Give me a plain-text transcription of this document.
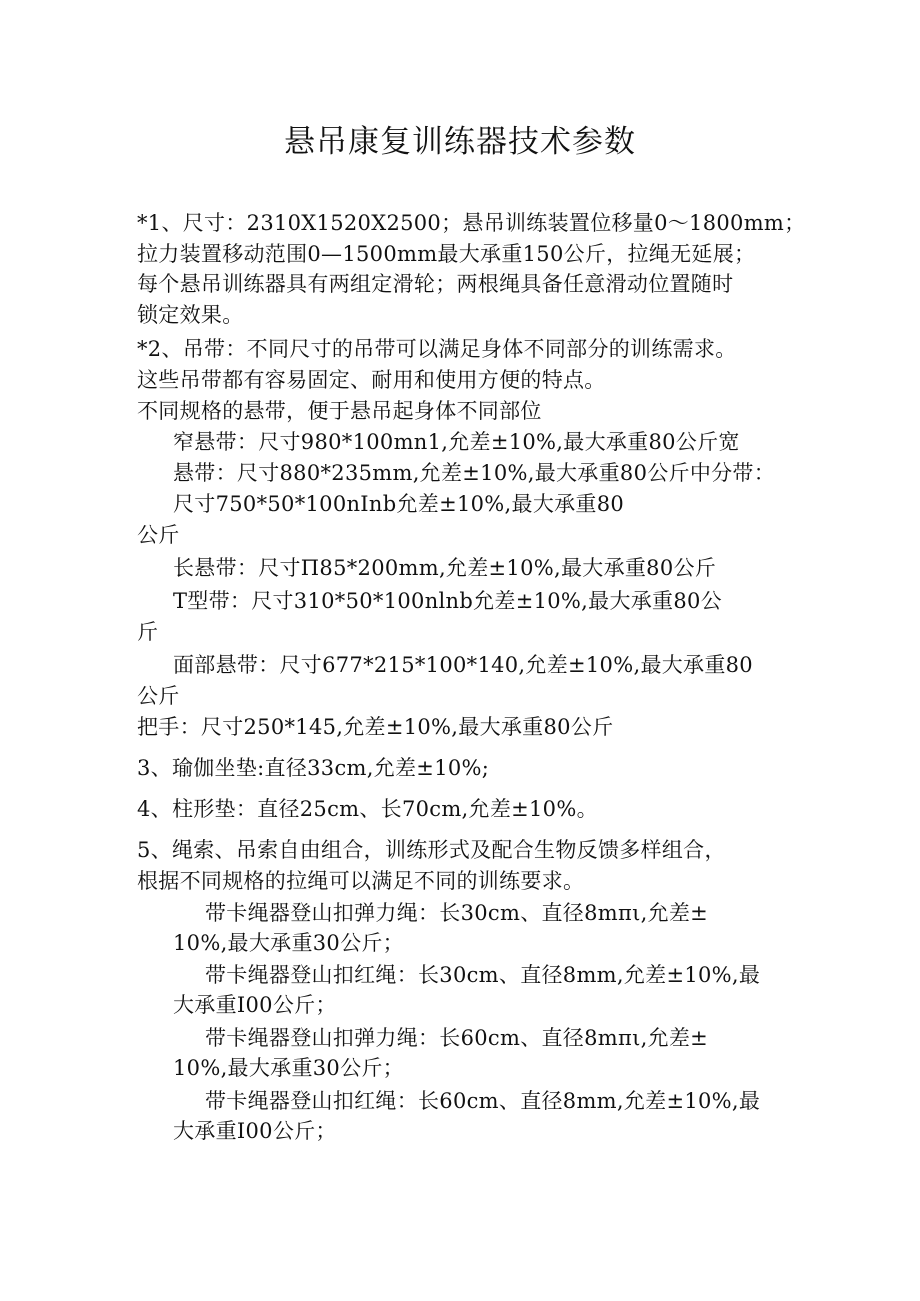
悬吊康复训练器技术参数
*1、尺寸：2310X1520X2500；悬吊训练装置位移量0～1800mm；
拉力装置移动范围0—1500mm最大承重150公斤，拉绳无延展；
每个悬吊训练器具有两组定滑轮；两根绳具备任意滑动位置随时
锁定效果。
*2、吊带：不同尺寸的吊带可以满足身体不同部分的训练需求。
这些吊带都有容易固定、耐用和使用方便的特点。
不同规格的悬带，便于悬吊起身体不同部位
窄悬带：尺寸980*100mn1,允差±10%,最大承重80公斤宽
悬带：尺寸880*235mm,允差±10%,最大承重80公斤中分带：
尺寸750*50*100nInb允差±10%,最大承重80
公斤
长悬带：尺寸Π85*200mm,允差±10%,最大承重80公斤
T型带：尺寸310*50*100nlnb允差±10%,最大承重80公
斤
面部悬带：尺寸677*215*100*140,允差±10%,最大承重80
公斤
把手：尺寸250*145,允差±10%,最大承重80公斤
3、瑜伽坐垫:直径33cm,允差±10%;
4、柱形垫：直径25cm、长70cm,允差±10%。
5、绳索、吊索自由组合，训练形式及配合生物反馈多样组合，
根据不同规格的拉绳可以满足不同的训练要求。
带卡绳器登山扣弹力绳：长30cm、直径8mπι,允差±
10%,最大承重30公斤；
带卡绳器登山扣红绳：长30cm、直径8mm,允差±10%,最
大承重I00公斤；
带卡绳器登山扣弹力绳：长60cm、直径8mπι,允差±
10%,最大承重30公斤；
带卡绳器登山扣红绳：长60cm、直径8mm,允差±10%,最
大承重I00公斤；
